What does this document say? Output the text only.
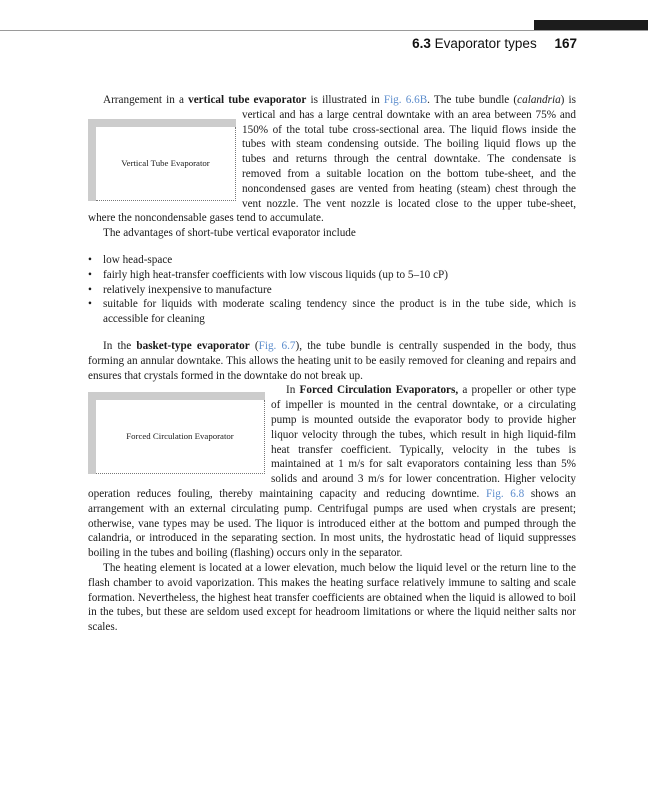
6.3 Evaporator types 167

Arrangement in a vertical tube evaporator is illustrated in Fig. 6.6B. The tube bundle (calandria
Vertical Tube Evaporator
) is vertical and has a large central downtake with an area between 75% and 150% of the total tube cross-sectional area. The liquid flows inside the tubes with steam condensing outside. The boiling liquid flows up the tubes and returns through the central downtake. The condensate is removed from a suitable location on the bottom tube-sheet, and the noncondensed gases are vented from heating (steam) chest through the vent nozzle. The vent nozzle is located close to the upper tube-sheet, where the noncondensable gases tend to accumulate.

The advantages of short-tube vertical evaporator include

• low head-space
• fairly high heat-transfer coefficients with low viscous liquids (up to 5–10 cP)
• relatively inexpensive to manufacture
• suitable for liquids with moderate scaling tendency since the product is in the tube side, which is accessible for cleaning

In the basket-type evaporator (Fig. 6.7), the tube bundle is centrally suspended in the body, thus forming an annular downtake. This allows the heating unit to be easily removed for cleaning and repairs and ensures that crystals formed in the downtake do not break up.

In Forced Circulation Evaporators,
Forced Circulation Evaporator
a propeller or other type of impeller is mounted in the central downtake, or a circulating pump is mounted outside the evaporator body to provide higher liquor velocity through the tubes, which result in high liquid-film heat transfer coefficient. Typically, velocity in the tubes is maintained at 1 m/s for salt evaporators containing less than 5% solids and around 3 m/s for lower concentration. Higher velocity operation reduces fouling, thereby maintaining capacity and reducing downtime. Fig. 6.8 shows an arrangement with an external circulating pump. Centrifugal pumps are used when crystals are present; otherwise, vane types may be used. The liquor is introduced either at the bottom and pumped through the calandria, or introduced in the separating section. In most units, the hydrostatic head of liquid suppresses boiling in the tubes and boiling (flashing) occurs only in the separator.

The heating element is located at a lower elevation, much below the liquid level or the return line to the flash chamber to avoid vaporization. This makes the heating surface relatively immune to salting and scale formation. Nevertheless, the highest heat transfer coefficients are obtained when the liquid is allowed to boil in the tubes, but these are seldom used except for headroom limitations or where the liquid neither salts nor scales.
